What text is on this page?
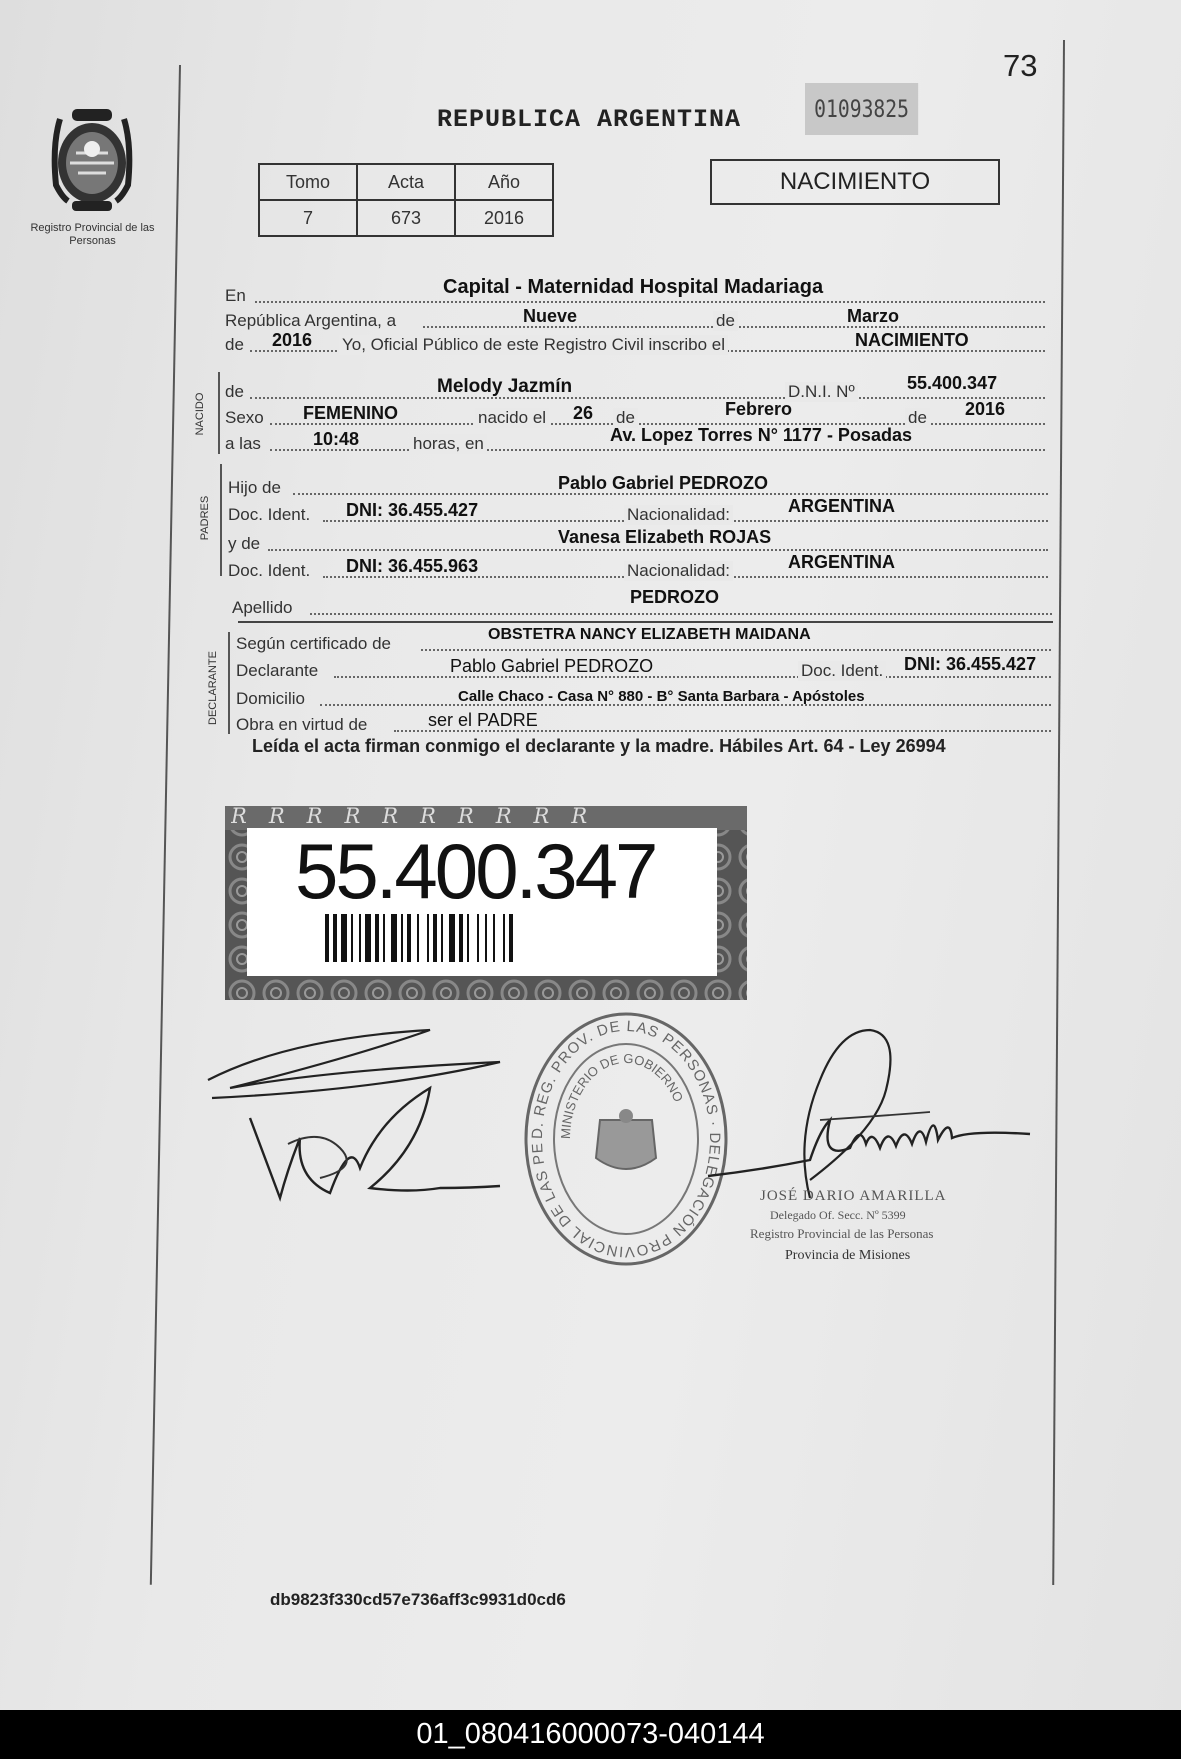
73
Registro Provincial de las Personas
REPUBLICA ARGENTINA	01093825
Tomo	Acta	Año
7	673	2016
NACIMIENTO
En	Capital - Maternidad Hospital Madariaga
República Argentina, a	Nueve	de	Marzo
de 2016 Yo, Oficial Público de este Registro Civil inscribo el	NACIMIENTO
NACIDO
de	Melody Jazmín	D.N.I. Nº	55.400.347
Sexo FEMENINO	nacido el 26 de	Febrero	de 2016
a las	10:48	horas, en	Av. Lopez Torres N° 1177 - Posadas
PADRES
Hijo de	Pablo Gabriel PEDROZO
Doc. Ident. DNI: 36.455.427	Nacionalidad:	ARGENTINA
y de	Vanesa Elizabeth ROJAS
Doc. Ident. DNI: 36.455.963	Nacionalidad:	ARGENTINA
Apellido
PEDROZO
DECLARANTE
Según certificado de	OBSTETRA NANCY ELIZABETH MAIDANA
Declarante	Pablo Gabriel PEDROZO	Doc. Ident. DNI: 36.455.427
Domicilio	Calle Chaco - Casa N° 880 - B° Santa Barbara - Apóstoles
Obra en virtud de	ser el PADRE
Leída el acta firman conmigo el declarante y la madre. Hábiles Art. 64 - Ley 26994
RRRRRRRRRR
55.400.347
D. REG. PROV. DE LAS PERSONAS · DELEGACIÓN PROVINCIAL DE LAS PE
MINISTERIO DE GOBIERNO
JOSÉ DARIO AMARILLA
Delegado Of. Secc. Nº 5399
Registro Provincial de las Personas
Provincia de Misiones
db9823f330cd57e736aff3c9931d0cd6
01_080416000073-040144
